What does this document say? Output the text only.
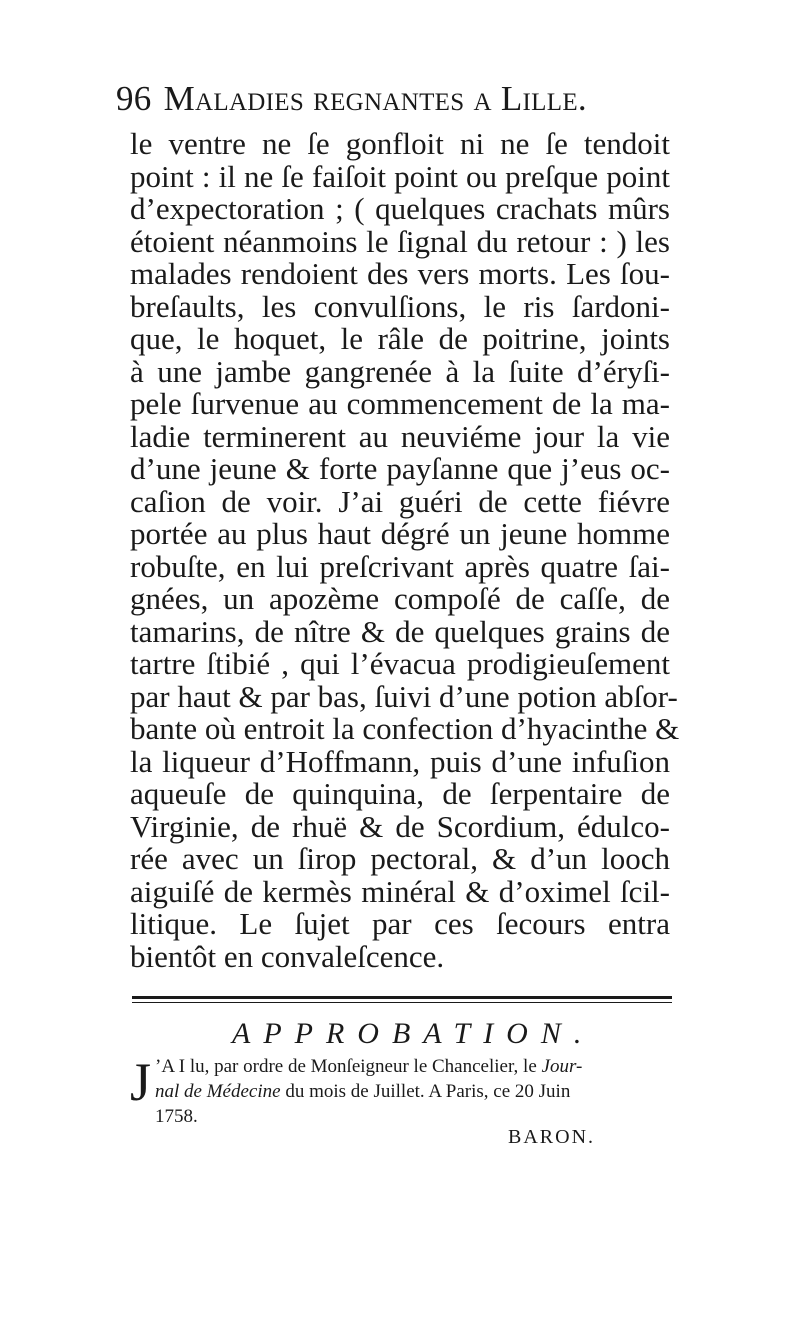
96 Maladies regnantes a Lille.
le ventre ne ſe gonfloit ni ne ſe tendoit
point : il ne ſe faiſoit point ou preſque point
d’expectoration ; ( quelques crachats mûrs
étoient néanmoins le ſignal du retour : ) les
malades rendoient des vers morts. Les ſou-
breſaults, les convulſions, le ris ſardoni-
que, le hoquet, le râle de poitrine, joints
à une jambe gangrenée à la ſuite d’éryſi-
pele ſurvenue au commencement de la ma-
ladie terminerent au neuviéme jour la vie
d’une jeune & forte payſanne que j’eus oc-
caſion de voir. J’ai guéri de cette fiévre
portée au plus haut dégré un jeune homme
robuſte, en lui preſcrivant après quatre ſai-
gnées, un apozème compoſé de caſſe, de
tamarins, de nître & de quelques grains de
tartre ſtibié , qui l’évacua prodigieuſement
par haut & par bas, ſuivi d’une potion abſor-
bante où entroit la confection d’hyacinthe &
la liqueur d’Hoffmann, puis d’une infuſion
aqueuſe de quinquina, de ſerpentaire de
Virginie, de rhuë & de Scordium, édulco-
rée avec un ſirop pectoral, & d’un looch
aiguiſé de kermès minéral & d’oximel ſcil-
litique. Le ſujet par ces ſecours entra
bientôt en convaleſcence.
APPROBATION.
J ’A I lu, par ordre de Monſeigneur le Chancelier, le Jour-
nal de Médecine du mois de Juillet. A Paris, ce 20 Juin
1758.
BARON.
